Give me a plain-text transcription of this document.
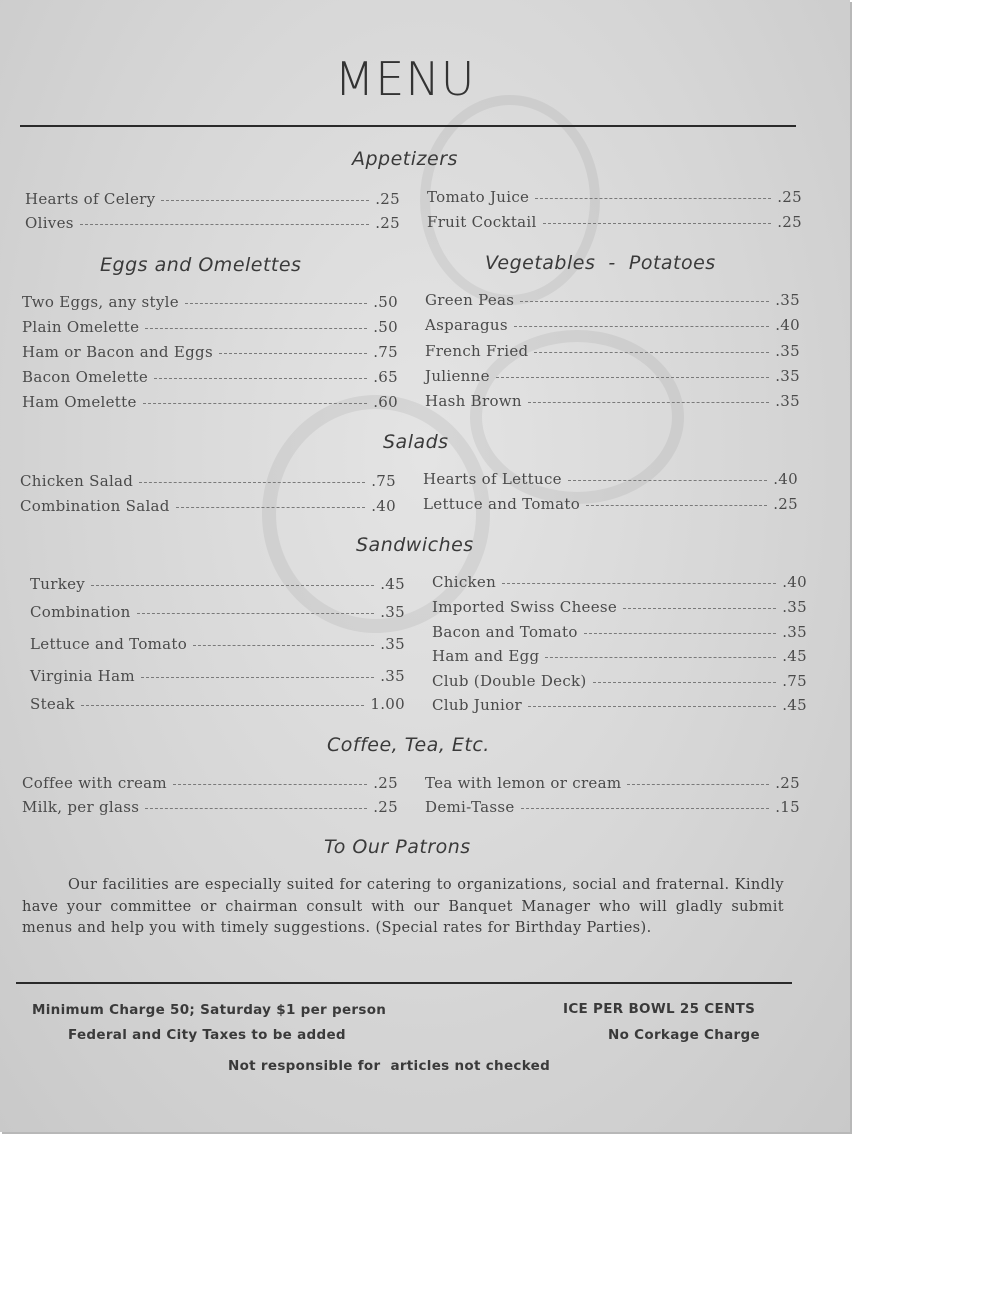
MENU
Appetizers
Hearts of Celery	.25
Olives	.25
Tomato Juice	.25
Fruit Cocktail	.25
Eggs and Omelettes
Two Eggs, any style	.50
Plain Omelette	.50
Ham or Bacon and Eggs	.75
Bacon Omelette	.65
Ham Omelette	.60
Vegetables  -  Potatoes
Green Peas	.35
Asparagus	.40
French Fried	.35
Julienne	.35
Hash Brown	.35
Salads
Chicken Salad	.75
Combination Salad	.40
Hearts of Lettuce	.40
Lettuce and Tomato	.25
Sandwiches
Turkey	.45
Combination	.35
Lettuce and Tomato	.35
Virginia Ham	.35
Steak	1.00
Chicken	.40
Imported Swiss Cheese	.35
Bacon and Tomato	.35
Ham and Egg	.45
Club (Double Deck)	.75
Club Junior	.45
Coffee, Tea, Etc.
Coffee with cream	.25
Milk, per glass	.25
Tea with lemon or cream	.25
Demi-Tasse	.15
To Our Patrons
Our facilities are especially suited for catering to organizations, social and fraternal. Kindly have your committee or chairman consult with our Banquet Manager who will gladly submit menus and help you with timely suggestions. (Special rates for Birthday Parties).
Minimum Charge 50; Saturday $1 per person
Federal and City Taxes to be added
ICE PER BOWL 25 CENTS
No Corkage Charge
Not responsible for  articles not checked
